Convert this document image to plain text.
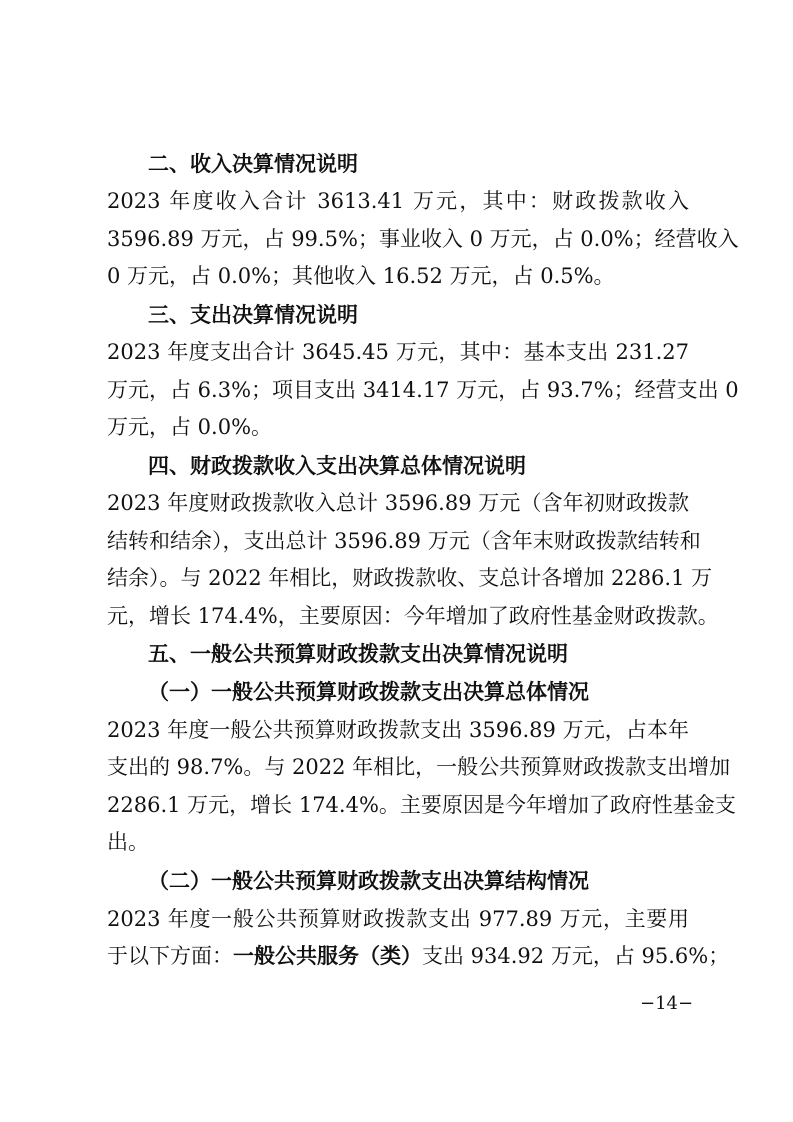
二、收入决算情况说明
2023 年度收入合计 3613.41 万元，其中：财政拨款收入
3596.89 万元，占 99.5%；事业收入 0 万元，占 0.0%；经营收入
0 万元，占 0.0%；其他收入 16.52 万元，占 0.5%。
三、支出决算情况说明
2023 年度支出合计 3645.45 万元，其中：基本支出 231.27
万元，占 6.3%；项目支出 3414.17 万元，占 93.7%；经营支出 0
万元，占 0.0%。
四、财政拨款收入支出决算总体情况说明
2023 年度财政拨款收入总计 3596.89 万元（含年初财政拨款
结转和结余），支出总计 3596.89 万元（含年末财政拨款结转和
结余）。与 2022 年相比，财政拨款收、支总计各增加 2286.1 万
元，增长 174.4%，主要原因：今年增加了政府性基金财政拨款。
五、一般公共预算财政拨款支出决算情况说明
（一）一般公共预算财政拨款支出决算总体情况
2023 年度一般公共预算财政拨款支出 3596.89 万元，占本年
支出的 98.7%。与 2022 年相比，一般公共预算财政拨款支出增加
2286.1 万元，增长 174.4%。主要原因是今年增加了政府性基金支
出。
（二）一般公共预算财政拨款支出决算结构情况
2023 年度一般公共预算财政拨款支出 977.89 万元，主要用
于以下方面： 一般公共服务（类） 支出 934.92 万元，占 95.6%；
−14−
